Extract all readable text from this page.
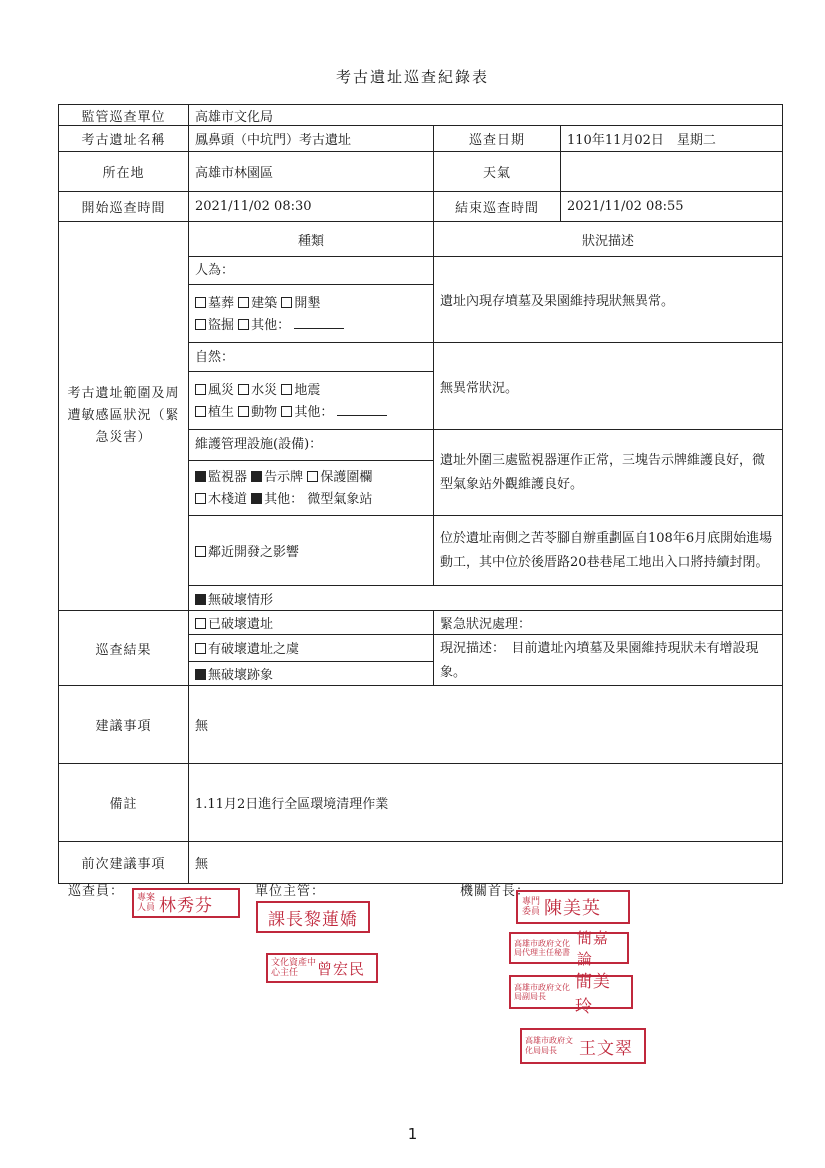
考古遺址巡查紀錄表
監管巡查單位	高雄市文化局		
考古遺址名稱	鳳鼻頭（中坑門）考古遺址	巡查日期	110年11月02日　星期二
所在地	高雄市林園區	天氣	
開始巡查時間	2021/11/02 08:30	結束巡查時間	2021/11/02 08:55
考古遺址範圍及周遭敏感區狀況（緊急災害）	種類	狀況描述	

	人為：
墓葬 建築 開墾
盜掘 其他：	遺址內現存墳墓及果園維持現狀無異常。	

	自然：
風災 水災 地震
植生 動物 其他：	無異常狀況。	

	維護管理設施(設備)：
監視器 告示牌 保護圍欄
木棧道 其他： 微型氣象站	遺址外圍三處監視器運作正常，三塊告示牌維護良好，微型氣象站外觀維護良好。	
	鄰近開發之影響	位於遺址南側之苦苓腳自辦重劃區自108年6月底開始進場動工，其中位於後厝路20巷巷尾工地出入口將持續封閉。	
	無破壞情形		
巡查結果	已破壞遺址	緊急狀況處理：	
	有破壞遺址之虞	現況描述：　目前遺址內墳墓及果園維持現狀未有增設現象。	
	無破壞跡象		
建議事項	無		
備註	1.11月2日進行全區環境清理作業		
前次建議事項	無		
巡查員：	單位主管：	機關首長：
專案人員 林秀芬
課長黎蓮嬌
文化資產中心主任	曾宏民
專門委員 陳美英
高雄市政府文化局代理主任秘書
簡嘉論
高雄市政府文化局副局長
簡美玲
高雄市政府文化局局長	王文翠
1
